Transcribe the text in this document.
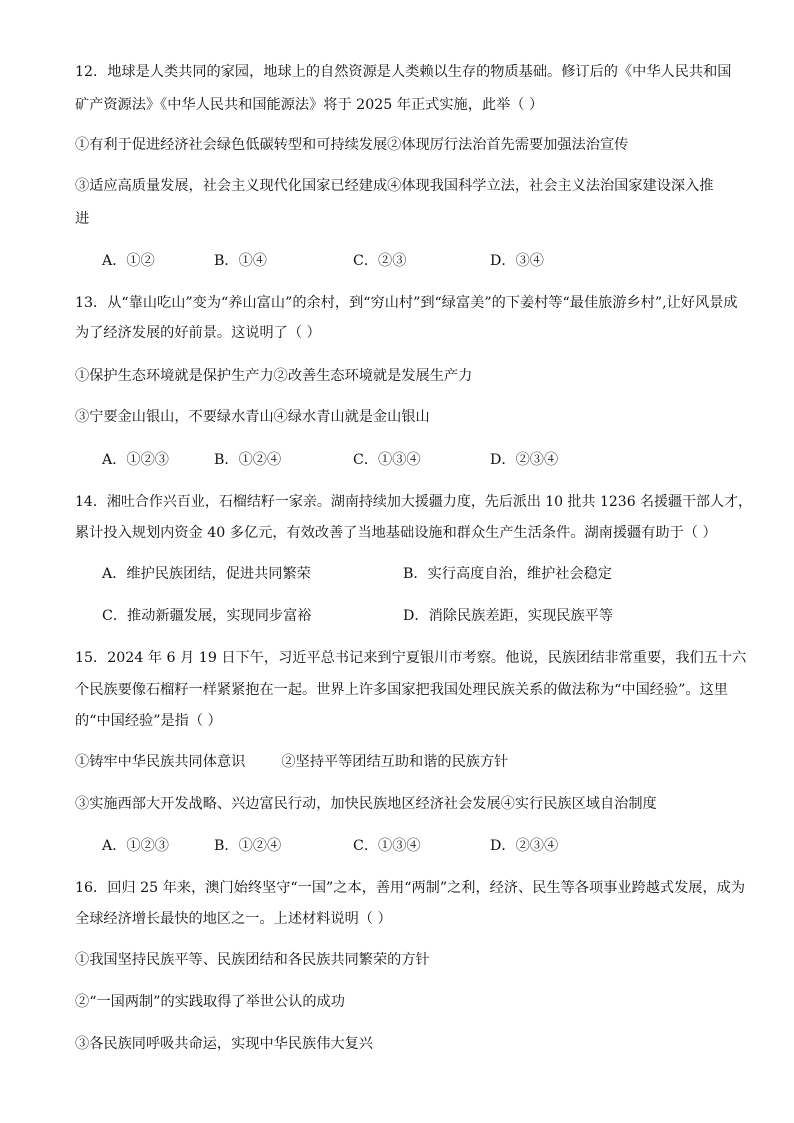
12．地球是人类共同的家园，地球上的自然资源是人类赖以生存的物质基础。修订后的《中华人民共和国
矿产资源法》《中华人民共和国能源法》将于 2025 年正式实施，此举（ ）
①有利于促进经济社会绿色低碳转型和可持续发展②体现厉行法治首先需要加强法治宣传
③适应高质量发展，社会主义现代化国家已经建成④体现我国科学立法，社会主义法治国家建设深入推
进
A．①②	B．①④	C．②③	D．③④
13．从“靠山吃山”变为“养山富山”的余村，到“穷山村”到“绿富美”的下姜村等“最佳旅游乡村”,让好风景成
为了经济发展的好前景。这说明了（ ）
①保护生态环境就是保护生产力②改善生态环境就是发展生产力
③宁要金山银山，不要绿水青山④绿水青山就是金山银山
A．①②③	B．①②④	C．①③④	D．②③④
14．湘吐合作兴百业，石榴结籽一家亲。湖南持续加大援疆力度，先后派出 10 批共 1236 名援疆干部人才，
累计投入规划内资金 40 多亿元，有效改善了当地基础设施和群众生产生活条件。湖南援疆有助于（ ）
A．维护民族团结，促进共同繁荣	B．实行高度自治，维护社会稳定
C．推动新疆发展，实现同步富裕	D．消除民族差距，实现民族平等
15．2024 年 6 月 19 日下午，习近平总书记来到宁夏银川市考察。他说，民族团结非常重要，我们五十六
个民族要像石榴籽一样紧紧抱在一起。世界上许多国家把我国处理民族关系的做法称为“中国经验”。这里
的“中国经验”是指（ ）
①铸牢中华民族共同体意识        ②坚持平等团结互助和谐的民族方针
③实施西部大开发战略、兴边富民行动，加快民族地区经济社会发展④实行民族区域自治制度
A．①②③	B．①②④	C．①③④	D．②③④
16．回归 25 年来，澳门始终坚守“一国”之本，善用“两制”之利，经济、民生等各项事业跨越式发展，成为
全球经济增长最快的地区之一。上述材料说明（ ）
①我国坚持民族平等、民族团结和各民族共同繁荣的方针
②“一国两制”的实践取得了举世公认的成功
③各民族同呼吸共命运，实现中华民族伟大复兴
